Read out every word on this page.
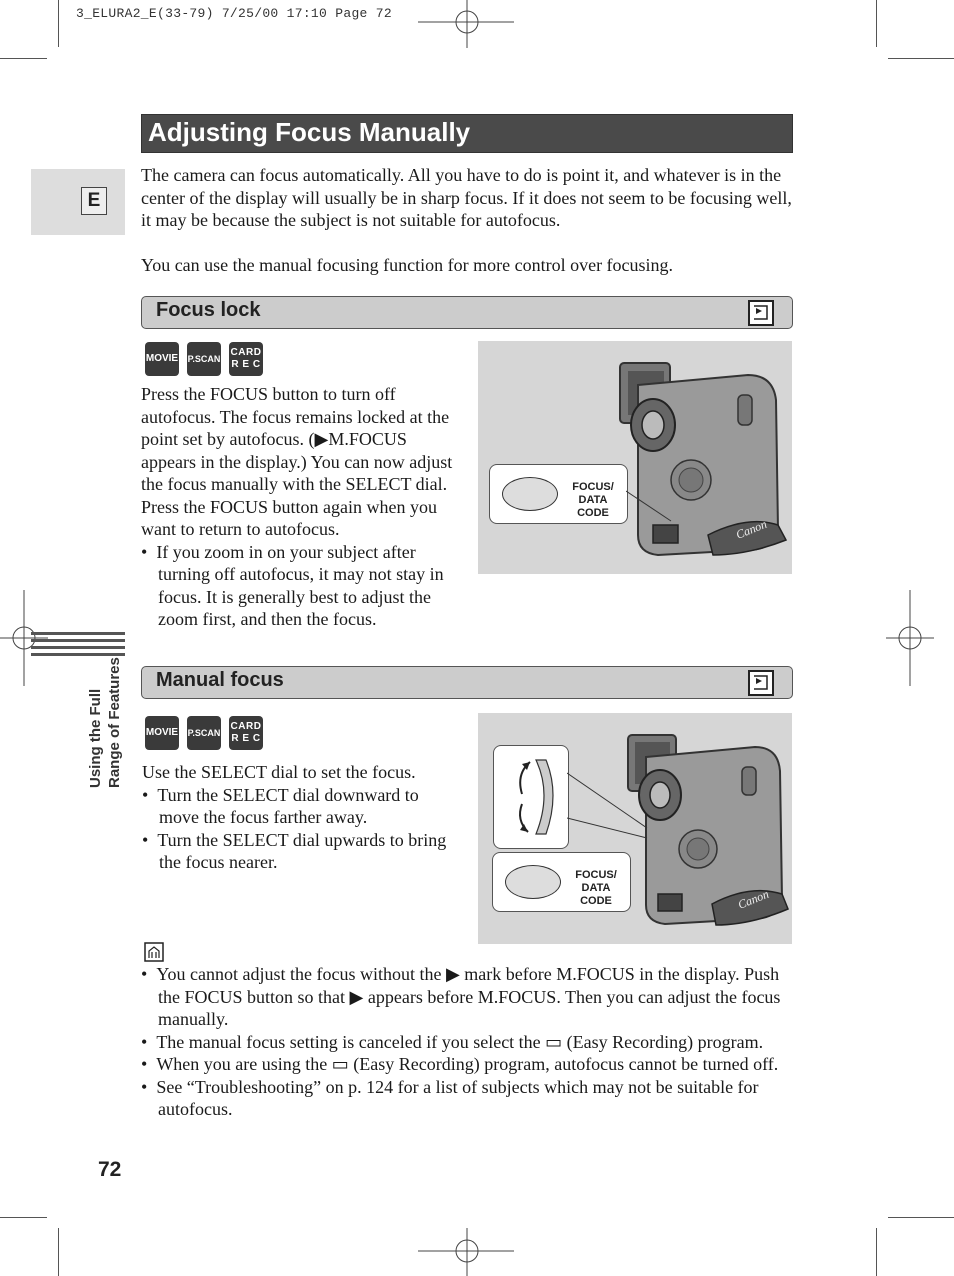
3_ELURA2_E(33-79) 7/25/00 17:10 Page 72
Adjusting Focus Manually
E
The camera can focus automatically. All you have to do is point it, and whatever is in the center of the display will usually be in sharp focus. If it does not seem to be focusing well, it may be because the subject is not suitable for autofocus.
You can use the manual focusing function for more control over focusing.
Focus lock
MOVIE P.SCAN
CARD
R E C
Press the FOCUS button to turn off autofocus. The focus remains locked at the point set by autofocus. (▶M.FOCUS appears in the display.) You can now adjust the focus manually with the SELECT dial. Press the FOCUS button again when you want to return to autofocus.
•  If you zoom in on your subject after turning off autofocus, it may not stay in focus. It is generally best to adjust the zoom first, and then the focus.
Canon
FOCUS/
DATA CODE
Manual focus
MOVIE P.SCAN
CARD
R E C
Use the SELECT dial to set the focus.
•  Turn the SELECT dial downward to move the focus farther away.
•  Turn the SELECT dial upwards to bring the focus nearer.
Canon
FOCUS/
DATA CODE
Using the Full Range of Features
•  You cannot adjust the focus without the ▶ mark before M.FOCUS in the display. Push the FOCUS button so that ▶ appears before M.FOCUS. Then you can adjust the focus manually.
•  The manual focus setting is canceled if you select the ▭ (Easy Recording) program.
•  When you are using the ▭ (Easy Recording) program, autofocus cannot be turned off.
•  See “Troubleshooting” on p. 124 for a list of subjects which may not be suitable for autofocus.
72
